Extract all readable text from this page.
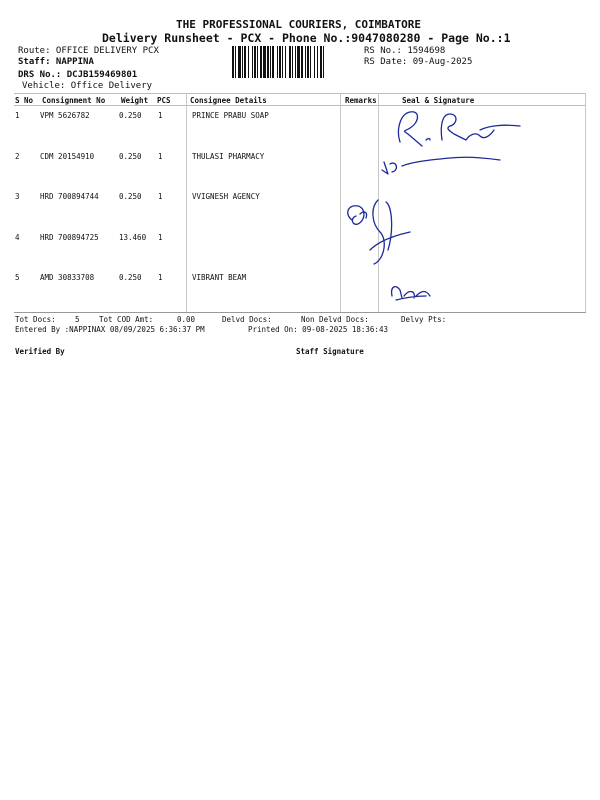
THE PROFESSIONAL COURIERS, COIMBATORE
Delivery Runsheet - PCX - Phone No.:9047080280 - Page No.:1
Route: OFFICE DELIVERY PCX
Staff: NAPPINA
DRS No.: DCJB159469801
Vehicle: Office Delivery
RS No.: 1594698
RS Date: 09-Aug-2025
S No Consignment No Weight PCS	Consignee Details	Remarks	Seal & Signature
1	VPM 5626782	0.250 1	PRINCE PRABU SOAP
2	CDM 20154910	0.250 1	THULASI PHARMACY
3	HRD 700894744	0.250 1	VVIGNESH AGENCY
4	HRD 700894725	13.460 1
5	AMD 30833708	0.250 1	VIBRANT BEAM
9677411632
Mayae
98439 7772
Praveen
80701 02171
96723 GE81F
Tot Docs:	5	Tot COD Amt:	0.00	Delvd Docs:	Non Delvd Docs:	Delvy Pts:
Entered By :NAPPINAX 08/09/2025 6:36:37 PM	Printed On: 09-08-2025 18:36:43
Verified By	Staff Signature
